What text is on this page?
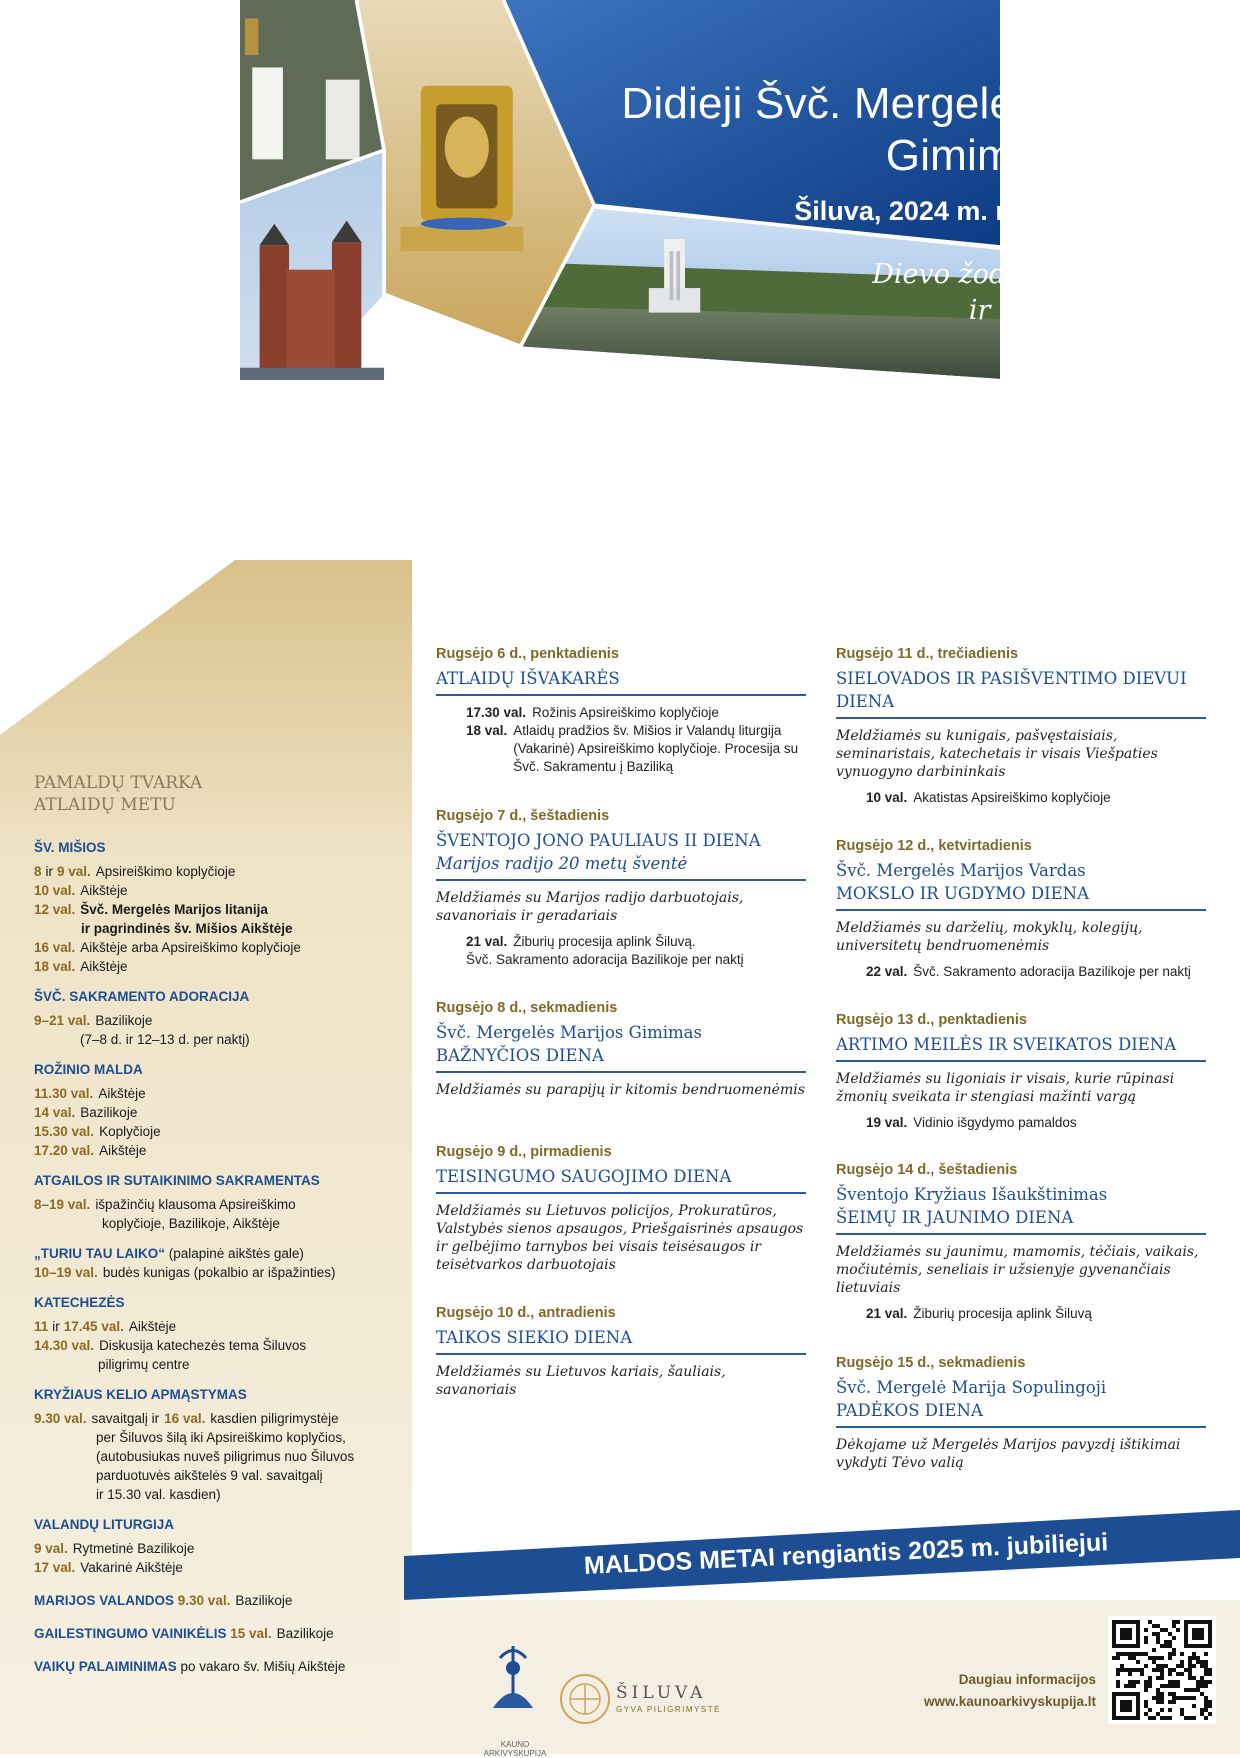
Didieji Švč. Mergelės Marijos
Gimimo atlaidai
Šiluva, 2024 m. rugsėjo 6–15 d.
Dievo žodis yra gyvas
ir veiksmingas
(Žyd 4, 12)
PAMALDŲ TVARKA
ATLAIDŲ METU
ŠV. MIŠIOS
8 ir 9 val. Apsireiškimo koplyčioje
10 val. Aikštėje
12 val. Švč. Mergelės Marijos litanija
ir pagrindinės šv. Mišios Aikštėje
16 val. Aikštėje arba Apsireiškimo koplyčioje
18 val. Aikštėje
ŠVČ. SAKRAMENTO ADORACIJA
9–21 val. Bazilikoje
(7–8 d. ir 12–13 d. per naktį)
ROŽINIO MALDA
11.30 val. Aikštėje
14 val. Bazilikoje
15.30 val. Koplyčioje
17.20 val. Aikštėje
ATGAILOS IR SUTAIKINIMO SAKRAMENTAS
8–19 val. išpažinčių klausoma Apsireiškimo
koplyčioje, Bazilikoje, Aikštėje
„TURIU TAU LAIKO“ (palapinė aikštės gale)
10–19 val. budės kunigas (pokalbio ar išpažinties)
KATECHEZĖS
11 ir 17.45 val. Aikštėje
14.30 val. Diskusija katechezės tema Šiluvos
piligrimų centre
KRYŽIAUS KELIO APMĄSTYMAS
9.30 val. savaitgalį ir 16 val. kasdien piligrimystėje
per Šiluvos šilą iki Apsireiškimo koplyčios,
(autobusiukas nuveš piligrimus nuo Šiluvos
parduotuvės aikštelės 9 val. savaitgalį
ir 15.30 val. kasdien)
VALANDŲ LITURGIJA
9 val. Rytmetinė Bazilikoje
17 val. Vakarinė Aikštėje
MARIJOS VALANDOS 9.30 val. Bazilikoje
GAILESTINGUMO VAINIKĖLIS 15 val. Bazilikoje
VAIKŲ PALAIMINIMAS po vakaro šv. Mišių Aikštėje
Rugsėjo 6 d., penktadienis
ATLAIDŲ IŠVAKARĖS
17.30 val. Rožinis Apsireiškimo koplyčioje
18 val. Atlaidų pradžios šv. Mišios ir Valandų liturgija (Vakarinė) Apsireiškimo koplyčioje. Procesija su Švč. Sakramentu į Baziliką
Rugsėjo 7 d., šeštadienis
ŠVENTOJO JONO PAULIAUS II DIENA
Marijos radijo 20 metų šventė
Meldžiamės su Marijos radijo darbuotojais, savanoriais ir geradariais
21 val. Žiburių procesija aplink Šiluvą.
Švč. Sakramento adoracija Bazilikoje per naktį
Rugsėjo 8 d., sekmadienis
Švč. Mergelės Marijos Gimimas
BAŽNYČIOS DIENA
Meldžiamės su parapijų ir kitomis bendruomenėmis
Rugsėjo 9 d., pirmadienis
TEISINGUMO SAUGOJIMO DIENA
Meldžiamės su Lietuvos policijos, Prokuratūros, Valstybės sienos apsaugos, Priešgaisrinės apsaugos ir gelbėjimo tarnybos bei visais teisėsaugos ir teisėtvarkos darbuotojais
Rugsėjo 10 d., antradienis
TAIKOS SIEKIO DIENA
Meldžiamės su Lietuvos kariais, šauliais, savanoriais
Rugsėjo 11 d., trečiadienis
SIELOVADOS IR PASIŠVENTIMO DIEVUI DIENA
Meldžiamės su kunigais, pašvęstaisiais, seminaristais, katechetais ir visais Viešpaties vynuogyno darbininkais
10 val. Akatistas Apsireiškimo koplyčioje
Rugsėjo 12 d., ketvirtadienis
Švč. Mergelės Marijos Vardas
MOKSLO IR UGDYMO DIENA
Meldžiamės su darželių, mokyklų, kolegijų, universitetų bendruomenėmis
22 val. Švč. Sakramento adoracija Bazilikoje per naktį
Rugsėjo 13 d., penktadienis
ARTIMO MEILĖS IR SVEIKATOS DIENA
Meldžiamės su ligoniais ir visais, kurie rūpinasi žmonių sveikata ir stengiasi mažinti vargą
19 val. Vidinio išgydymo pamaldos
Rugsėjo 14 d., šeštadienis
Šventojo Kryžiaus Išaukštinimas
ŠEIMŲ IR JAUNIMO DIENA
Meldžiamės su jaunimu, mamomis, tėčiais, vaikais, močiutėmis, seneliais ir užsienyje gyvenančiais lietuviais
21 val. Žiburių procesija aplink Šiluvą
Rugsėjo 15 d., sekmadienis
Švč. Mergelė Marija Sopulingoji
PADĖKOS DIENA
Dėkojame už Mergelės Marijos pavyzdį ištikimai vykdyti Tėvo valią
MALDOS METAI rengiantis 2025 m. jubiliejui
KAUNO ARKIVYSKUPIJA
ŠILUVA
GYVA PILIGRIMYSTĖ
Daugiau informacijos
www.kaunoarkivyskupija.lt
